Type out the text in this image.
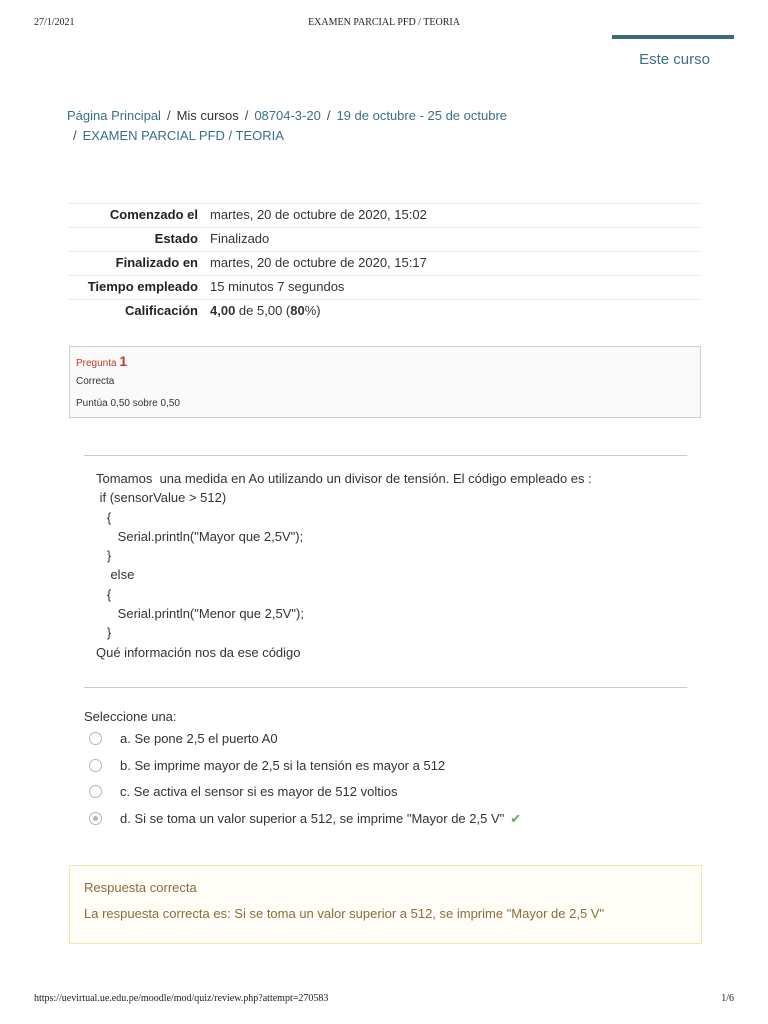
27/1/2021	EXAMEN PARCIAL PFD / TEORIA
Este curso
Página Principal / Mis cursos / 08704-3-20 / 19 de octubre - 25 de octubre
/ EXAMEN PARCIAL PFD / TEORIA
Comenzado el	martes, 20 de octubre de 2020, 15:02
Estado	Finalizado
Finalizado en	martes, 20 de octubre de 2020, 15:17
Tiempo empleado	15 minutos 7 segundos
Calificación	4,00 de 5,00 (80%)
Pregunta 1
Correcta
Puntúa 0,50 sobre 0,50
Tomamos  una medida en Ao utilizando un divisor de tensión. El código empleado es :
if (sensorValue > 512)
{
Serial.println("Mayor que 2,5V");
}
else
{
Serial.println("Menor que 2,5V");
}
Qué información nos da ese código
Seleccione una:
a. Se pone 2,5 el puerto A0
b. Se imprime mayor de 2,5 si la tensión es mayor a 512
c. Se activa el sensor si es mayor de 512 voltios
d. Si se toma un valor superior a 512, se imprime "Mayor de 2,5 V" ✔
Respuesta correcta
La respuesta correcta es: Si se toma un valor superior a 512, se imprime "Mayor de 2,5 V"
https://uevirtual.ue.edu.pe/moodle/mod/quiz/review.php?attempt=270583	1/6
